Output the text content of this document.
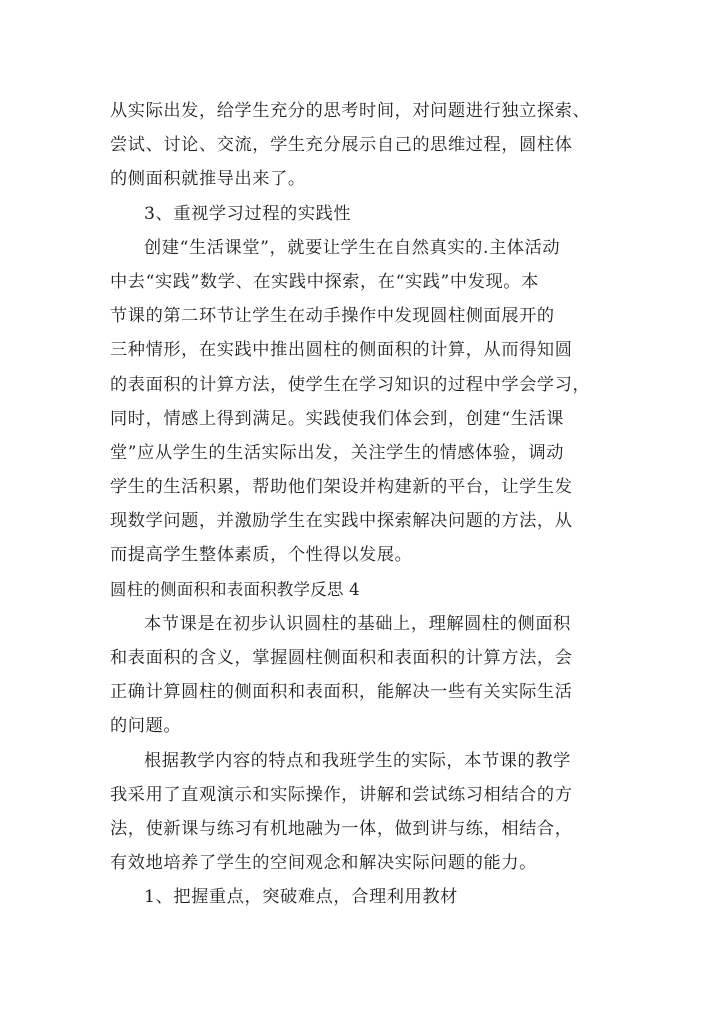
从实际出发，给学生充分的思考时间，对问题进行独立探索、
尝试、讨论、交流，学生充分展示自己的思维过程，圆柱体
的侧面积就推导出来了。
3、重视学习过程的实践性
创建“生活课堂”，就要让学生在自然真实的.主体活动
中去“实践”数学、在实践中探索，在“实践”中发现。本
节课的第二环节让学生在动手操作中发现圆柱侧面展开的
三种情形，在实践中推出圆柱的侧面积的计算，从而得知圆
的表面积的计算方法，使学生在学习知识的过程中学会学习，
同时，情感上得到满足。实践使我们体会到，创建“生活课
堂”应从学生的生活实际出发，关注学生的情感体验，调动
学生的生活积累，帮助他们架设并构建新的平台，让学生发
现数学问题，并激励学生在实践中探索解决问题的方法，从
而提高学生整体素质，个性得以发展。
圆柱的侧面积和表面积教学反思 4
本节课是在初步认识圆柱的基础上，理解圆柱的侧面积
和表面积的含义，掌握圆柱侧面积和表面积的计算方法，会
正确计算圆柱的侧面积和表面积，能解决一些有关实际生活
的问题。
根据教学内容的特点和我班学生的实际，本节课的教学
我采用了直观演示和实际操作，讲解和尝试练习相结合的方
法，使新课与练习有机地融为一体，做到讲与练，相结合，
有效地培养了学生的空间观念和解决实际问题的能力。
1、把握重点，突破难点，合理利用教材
